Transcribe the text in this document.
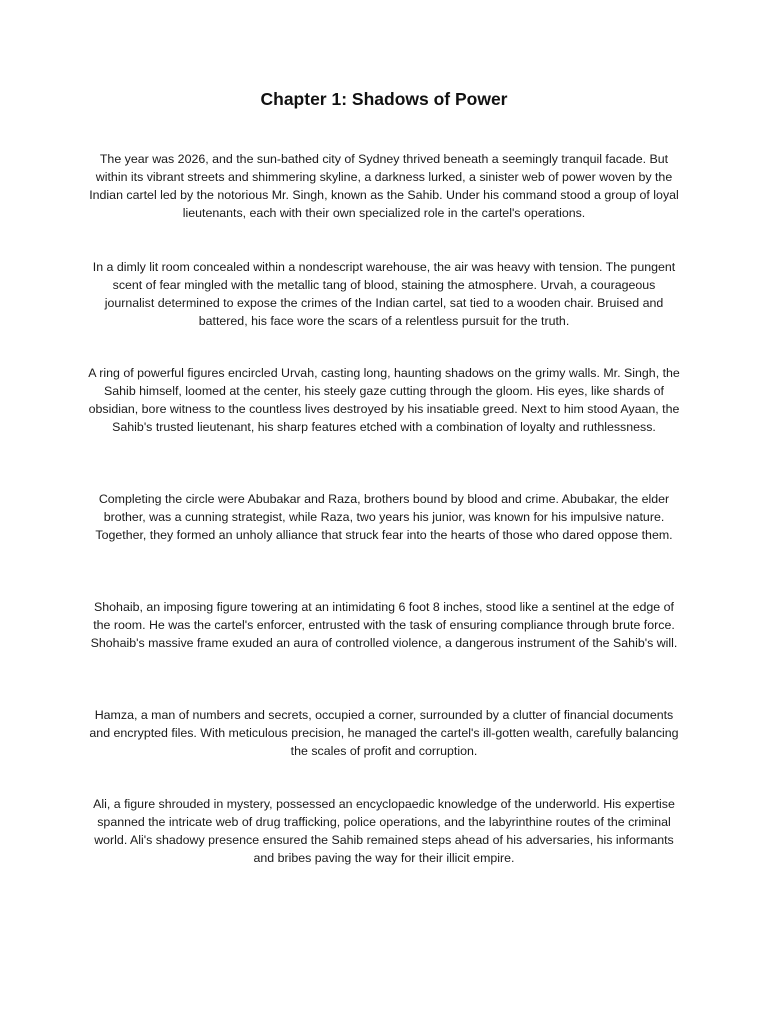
Chapter 1: Shadows of Power

The year was 2026, and the sun-bathed city of Sydney thrived beneath a seemingly tranquil facade. But within its vibrant streets and shimmering skyline, a darkness lurked, a sinister web of power woven by the Indian cartel led by the notorious Mr. Singh, known as the Sahib. Under his command stood a group of loyal lieutenants, each with their own specialized role in the cartel's operations.

In a dimly lit room concealed within a nondescript warehouse, the air was heavy with tension. The pungent scent of fear mingled with the metallic tang of blood, staining the atmosphere. Urvah, a courageous journalist determined to expose the crimes of the Indian cartel, sat tied to a wooden chair. Bruised and battered, his face wore the scars of a relentless pursuit for the truth.

A ring of powerful figures encircled Urvah, casting long, haunting shadows on the grimy walls. Mr. Singh, the Sahib himself, loomed at the center, his steely gaze cutting through the gloom. His eyes, like shards of obsidian, bore witness to the countless lives destroyed by his insatiable greed. Next to him stood Ayaan, the Sahib's trusted lieutenant, his sharp features etched with a combination of loyalty and ruthlessness.

Completing the circle were Abubakar and Raza, brothers bound by blood and crime. Abubakar, the elder brother, was a cunning strategist, while Raza, two years his junior, was known for his impulsive nature. Together, they formed an unholy alliance that struck fear into the hearts of those who dared oppose them.

Shohaib, an imposing figure towering at an intimidating 6 foot 8 inches, stood like a sentinel at the edge of the room. He was the cartel's enforcer, entrusted with the task of ensuring compliance through brute force. Shohaib's massive frame exuded an aura of controlled violence, a dangerous instrument of the Sahib's will.

Hamza, a man of numbers and secrets, occupied a corner, surrounded by a clutter of financial documents and encrypted files. With meticulous precision, he managed the cartel's ill-gotten wealth, carefully balancing the scales of profit and corruption.

Ali, a figure shrouded in mystery, possessed an encyclopaedic knowledge of the underworld. His expertise spanned the intricate web of drug trafficking, police operations, and the labyrinthine routes of the criminal world. Ali's shadowy presence ensured the Sahib remained steps ahead of his adversaries, his informants and bribes paving the way for their illicit empire.
